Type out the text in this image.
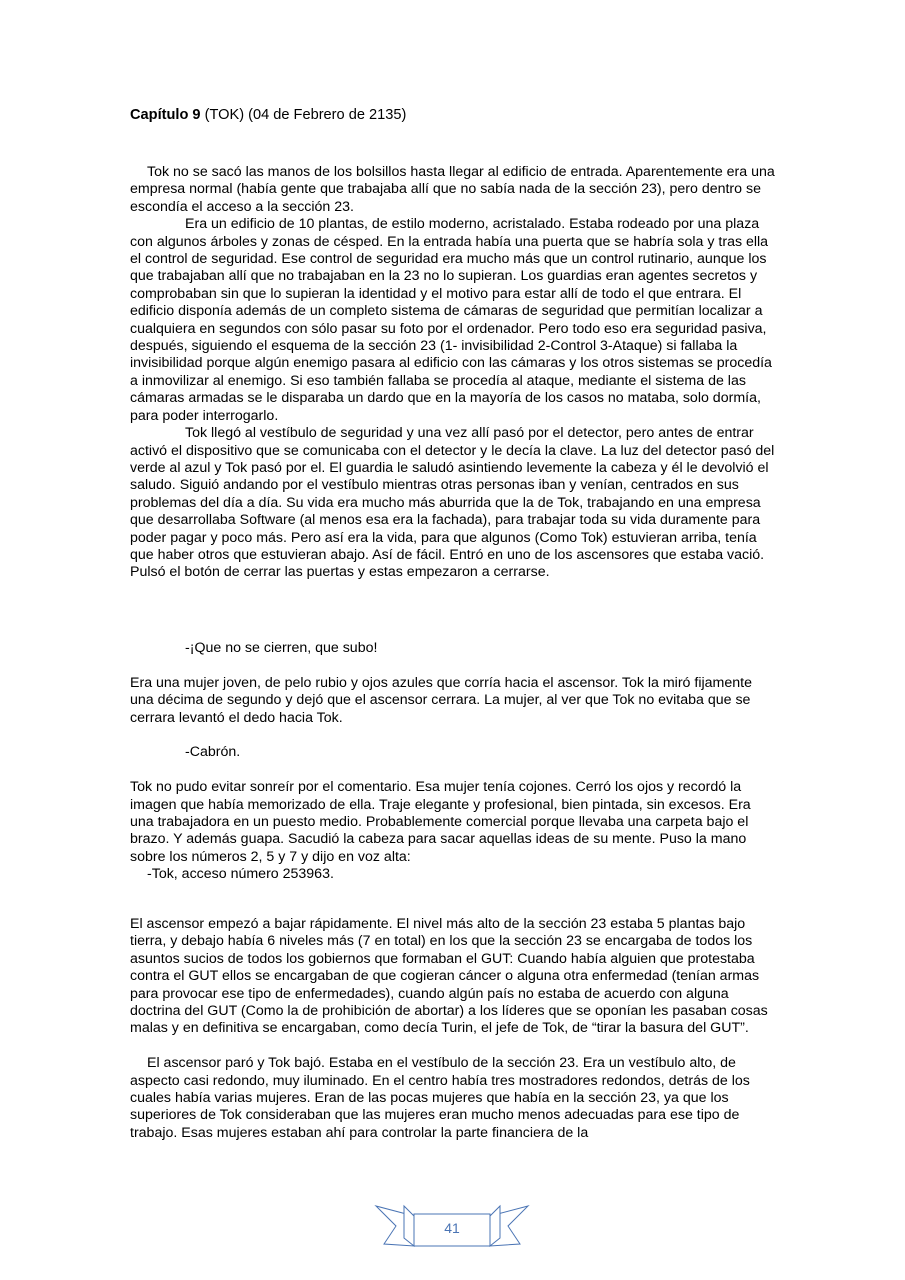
Capítulo 9 (TOK) (04 de Febrero de 2135)

Tok no se sacó las manos de los bolsillos hasta llegar al edificio de entrada. Aparentemente era una empresa normal (había gente que trabajaba allí que no sabía nada de la sección 23), pero dentro se escondía el acceso a la sección 23.

Era un edificio de 10 plantas, de estilo moderno, acristalado. Estaba rodeado por una plaza con algunos árboles y zonas de césped. En la entrada había una puerta que se habría sola y tras ella el control de seguridad. Ese control de seguridad era mucho más que un control rutinario, aunque los que trabajaban allí que no trabajaban en la 23 no lo supieran. Los guardias eran agentes secretos y comprobaban sin que lo supieran la identidad y el motivo para estar allí de todo el que entrara. El edificio disponía además de un completo sistema de cámaras de seguridad que permitían localizar a cualquiera en segundos con sólo pasar su foto por el ordenador. Pero todo eso era seguridad pasiva, después, siguiendo el esquema de la sección 23 (1- invisibilidad 2-Control 3-Ataque) si fallaba la invisibilidad porque algún enemigo pasara al edificio con las cámaras y los otros sistemas se procedía a inmovilizar al enemigo. Si eso también fallaba se procedía al ataque, mediante el sistema de las cámaras armadas se le disparaba un dardo que en la mayoría de los casos no mataba, solo dormía, para poder interrogarlo.

Tok llegó al vestíbulo de seguridad y una vez allí pasó por el detector, pero antes de entrar activó el dispositivo que se comunicaba con el detector y le decía la clave. La luz del detector pasó del verde al azul y Tok pasó por el. El guardia le saludó asintiendo levemente la cabeza y él le devolvió el saludo. Siguió andando por el vestíbulo mientras otras personas iban y venían, centrados en sus problemas del día a día. Su vida era mucho más aburrida que la de Tok, trabajando en una empresa que desarrollaba Software (al menos esa era la fachada), para trabajar toda su vida duramente para poder pagar y poco más. Pero así era la vida, para que algunos (Como Tok) estuvieran arriba, tenía que haber otros que estuvieran abajo. Así de fácil. Entró en uno de los ascensores que estaba vació. Pulsó el botón de cerrar las puertas y estas empezaron a cerrarse.

-¡Que no se cierren, que subo!

Era una mujer joven, de pelo rubio y ojos azules que corría hacia el ascensor. Tok la miró fijamente una décima de segundo y dejó que el ascensor cerrara. La mujer, al ver que Tok no evitaba que se cerrara levantó el dedo hacia Tok.

-Cabrón.

Tok no pudo evitar sonreír por el comentario. Esa mujer tenía cojones. Cerró los ojos y recordó la imagen que había memorizado de ella. Traje elegante y profesional, bien pintada, sin excesos. Era una trabajadora en un puesto medio. Probablemente comercial porque llevaba una carpeta bajo el brazo. Y además guapa. Sacudió la cabeza para sacar aquellas ideas de su mente. Puso la mano sobre los números 2, 5 y 7 y dijo en voz alta:

-Tok, acceso número 253963.

El ascensor empezó a bajar rápidamente. El nivel más alto de la sección 23 estaba 5 plantas bajo tierra, y debajo había 6 niveles más (7 en total) en los que la sección 23 se encargaba de todos los asuntos sucios de todos los gobiernos que formaban el GUT: Cuando había alguien que protestaba contra el GUT ellos se encargaban de que cogieran cáncer o alguna otra enfermedad (tenían armas para provocar ese tipo de enfermedades), cuando algún país no estaba de acuerdo con alguna doctrina del GUT (Como la de prohibición de abortar) a los líderes que se oponían les pasaban cosas malas y en definitiva se encargaban, como decía Turin, el jefe de Tok, de “tirar la basura del GUT”.

El ascensor paró y Tok bajó. Estaba en el vestíbulo de la sección 23. Era un vestíbulo alto, de aspecto casi redondo, muy iluminado. En el centro había tres mostradores redondos, detrás de los cuales había varias mujeres. Eran de las pocas mujeres que había en la sección 23, ya que los superiores de Tok consideraban que las mujeres eran mucho menos adecuadas para ese tipo de trabajo. Esas mujeres estaban ahí para controlar la parte financiera de la

41
